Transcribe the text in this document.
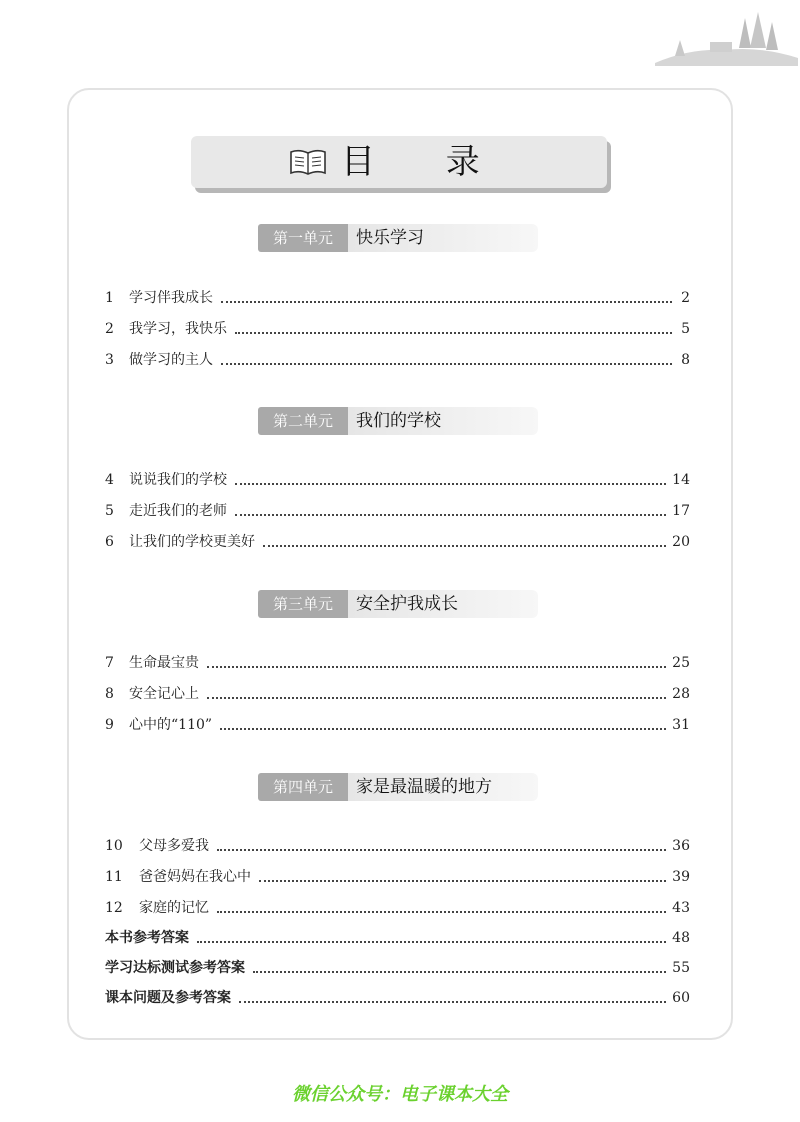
目 录
第一单元	快乐学习
1	学习伴我成长	2
2	我学习，我快乐	5
3	做学习的主人	8
第二单元	我们的学校
4	说说我们的学校	14
5	走近我们的老师	17
6	让我们的学校更美好	20
第三单元	安全护我成长
7	生命最宝贵	25
8	安全记心上	28
9	心中的“110”	31
第四单元	家是最温暖的地方
10	父母多爱我	36
11	爸爸妈妈在我心中	39
12	家庭的记忆	43
本书参考答案	48
学习达标测试参考答案	55
课本问题及参考答案	60
微信公众号：电子课本大全
